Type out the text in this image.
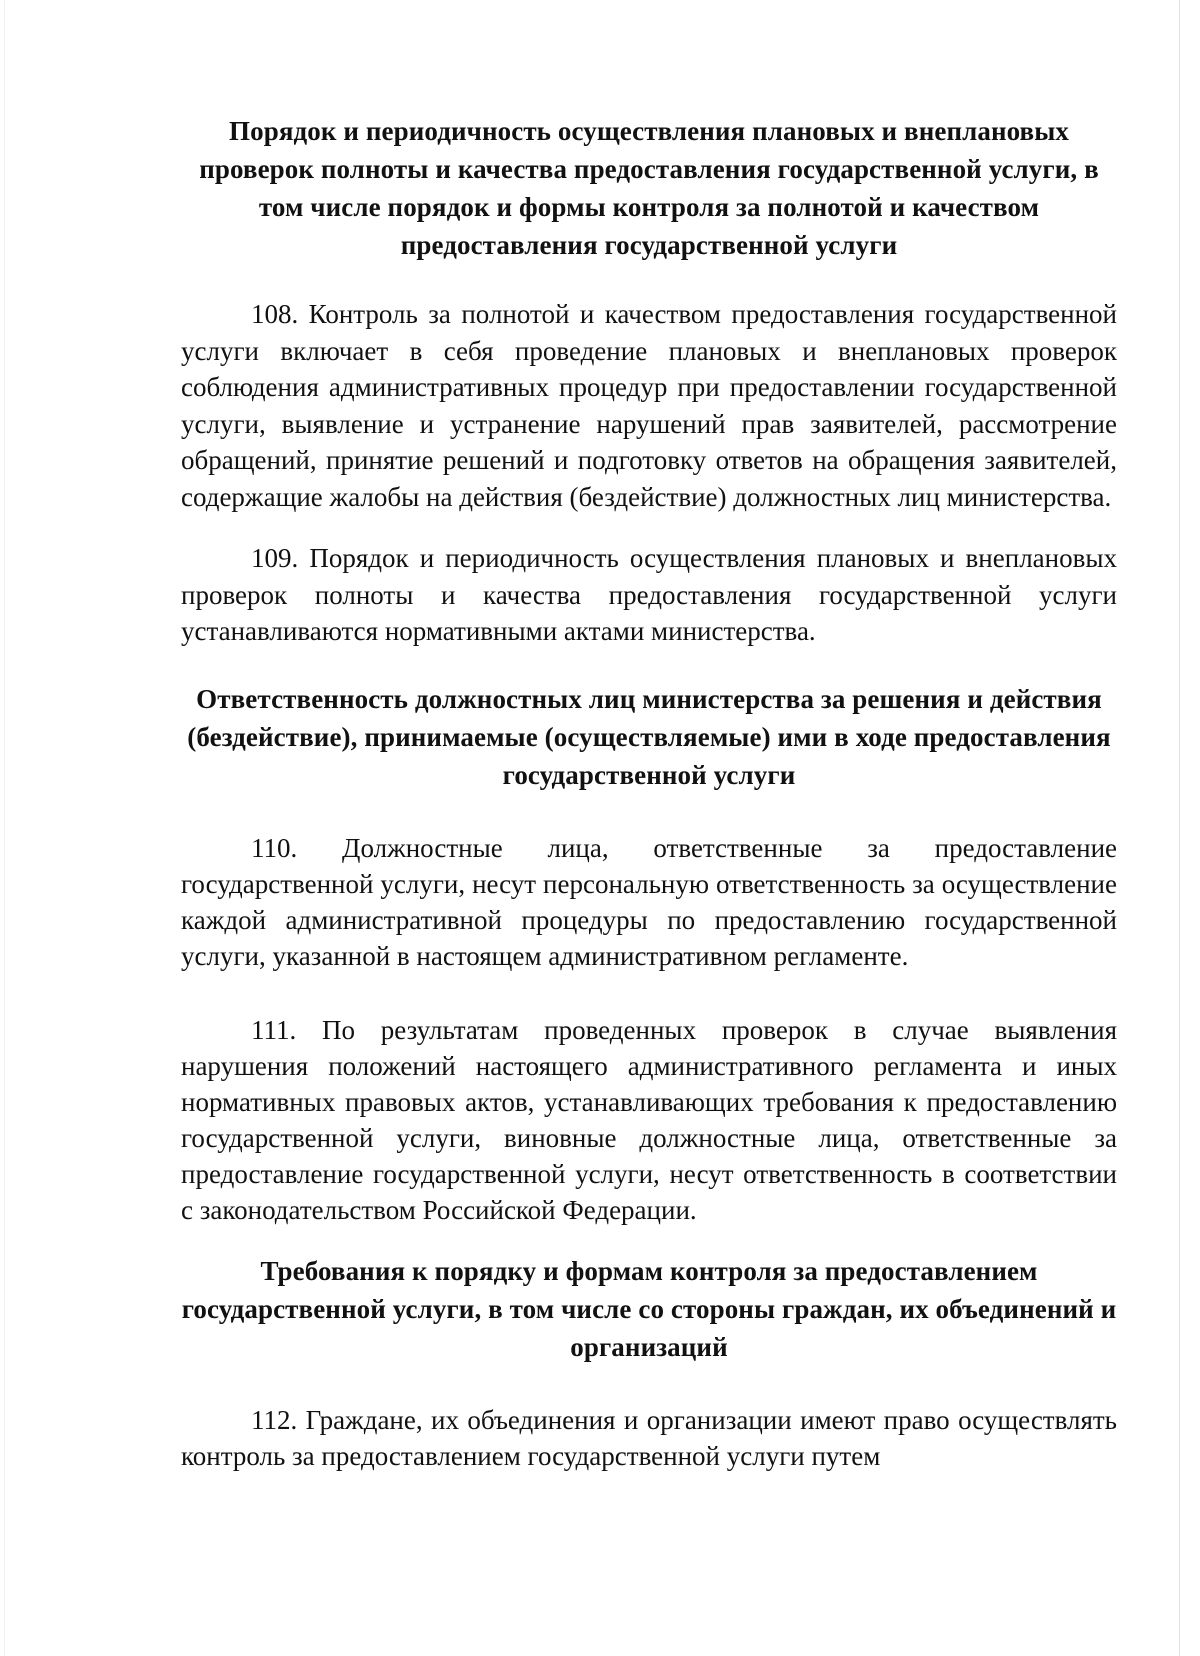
Порядок и периодичность осуществления плановых и внеплановых проверок полноты и качества предоставления государственной услуги, в том числе порядок и формы контроля за полнотой и качеством предоставления государственной услуги

108. Контроль за полнотой и качеством предоставления государственной услуги включает в себя проведение плановых и внеплановых проверок соблюдения административных процедур при предоставлении государственной услуги, выявление и устранение нарушений прав заявителей, рассмотрение обращений, принятие решений и подготовку ответов на обращения заявителей, содержащие жалобы на действия (бездействие) должностных лиц министерства.

109. Порядок и периодичность осуществления плановых и внеплановых проверок полноты и качества предоставления государственной услуги устанавливаются нормативными актами министерства.

Ответственность должностных лиц министерства за решения и действия (бездействие), принимаемые (осуществляемые) ими в ходе предоставления государственной услуги

110. Должностные лица, ответственные за предоставление государственной услуги, несут персональную ответственность за осуществление каждой административной процедуры по предоставлению государственной услуги, указанной в настоящем административном регламенте.

111. По результатам проведенных проверок в случае выявления нарушения положений настоящего административного регламента и иных нормативных правовых актов, устанавливающих требования к предоставлению государственной услуги, виновные должностные лица, ответственные за предоставление государственной услуги, несут ответственность в соответствии с законодательством Российской Федерации.

Требования к порядку и формам контроля за предоставлением государственной услуги, в том числе со стороны граждан, их объединений и организаций

112. Граждане, их объединения и организации имеют право осуществлять контроль за предоставлением государственной услуги путем
